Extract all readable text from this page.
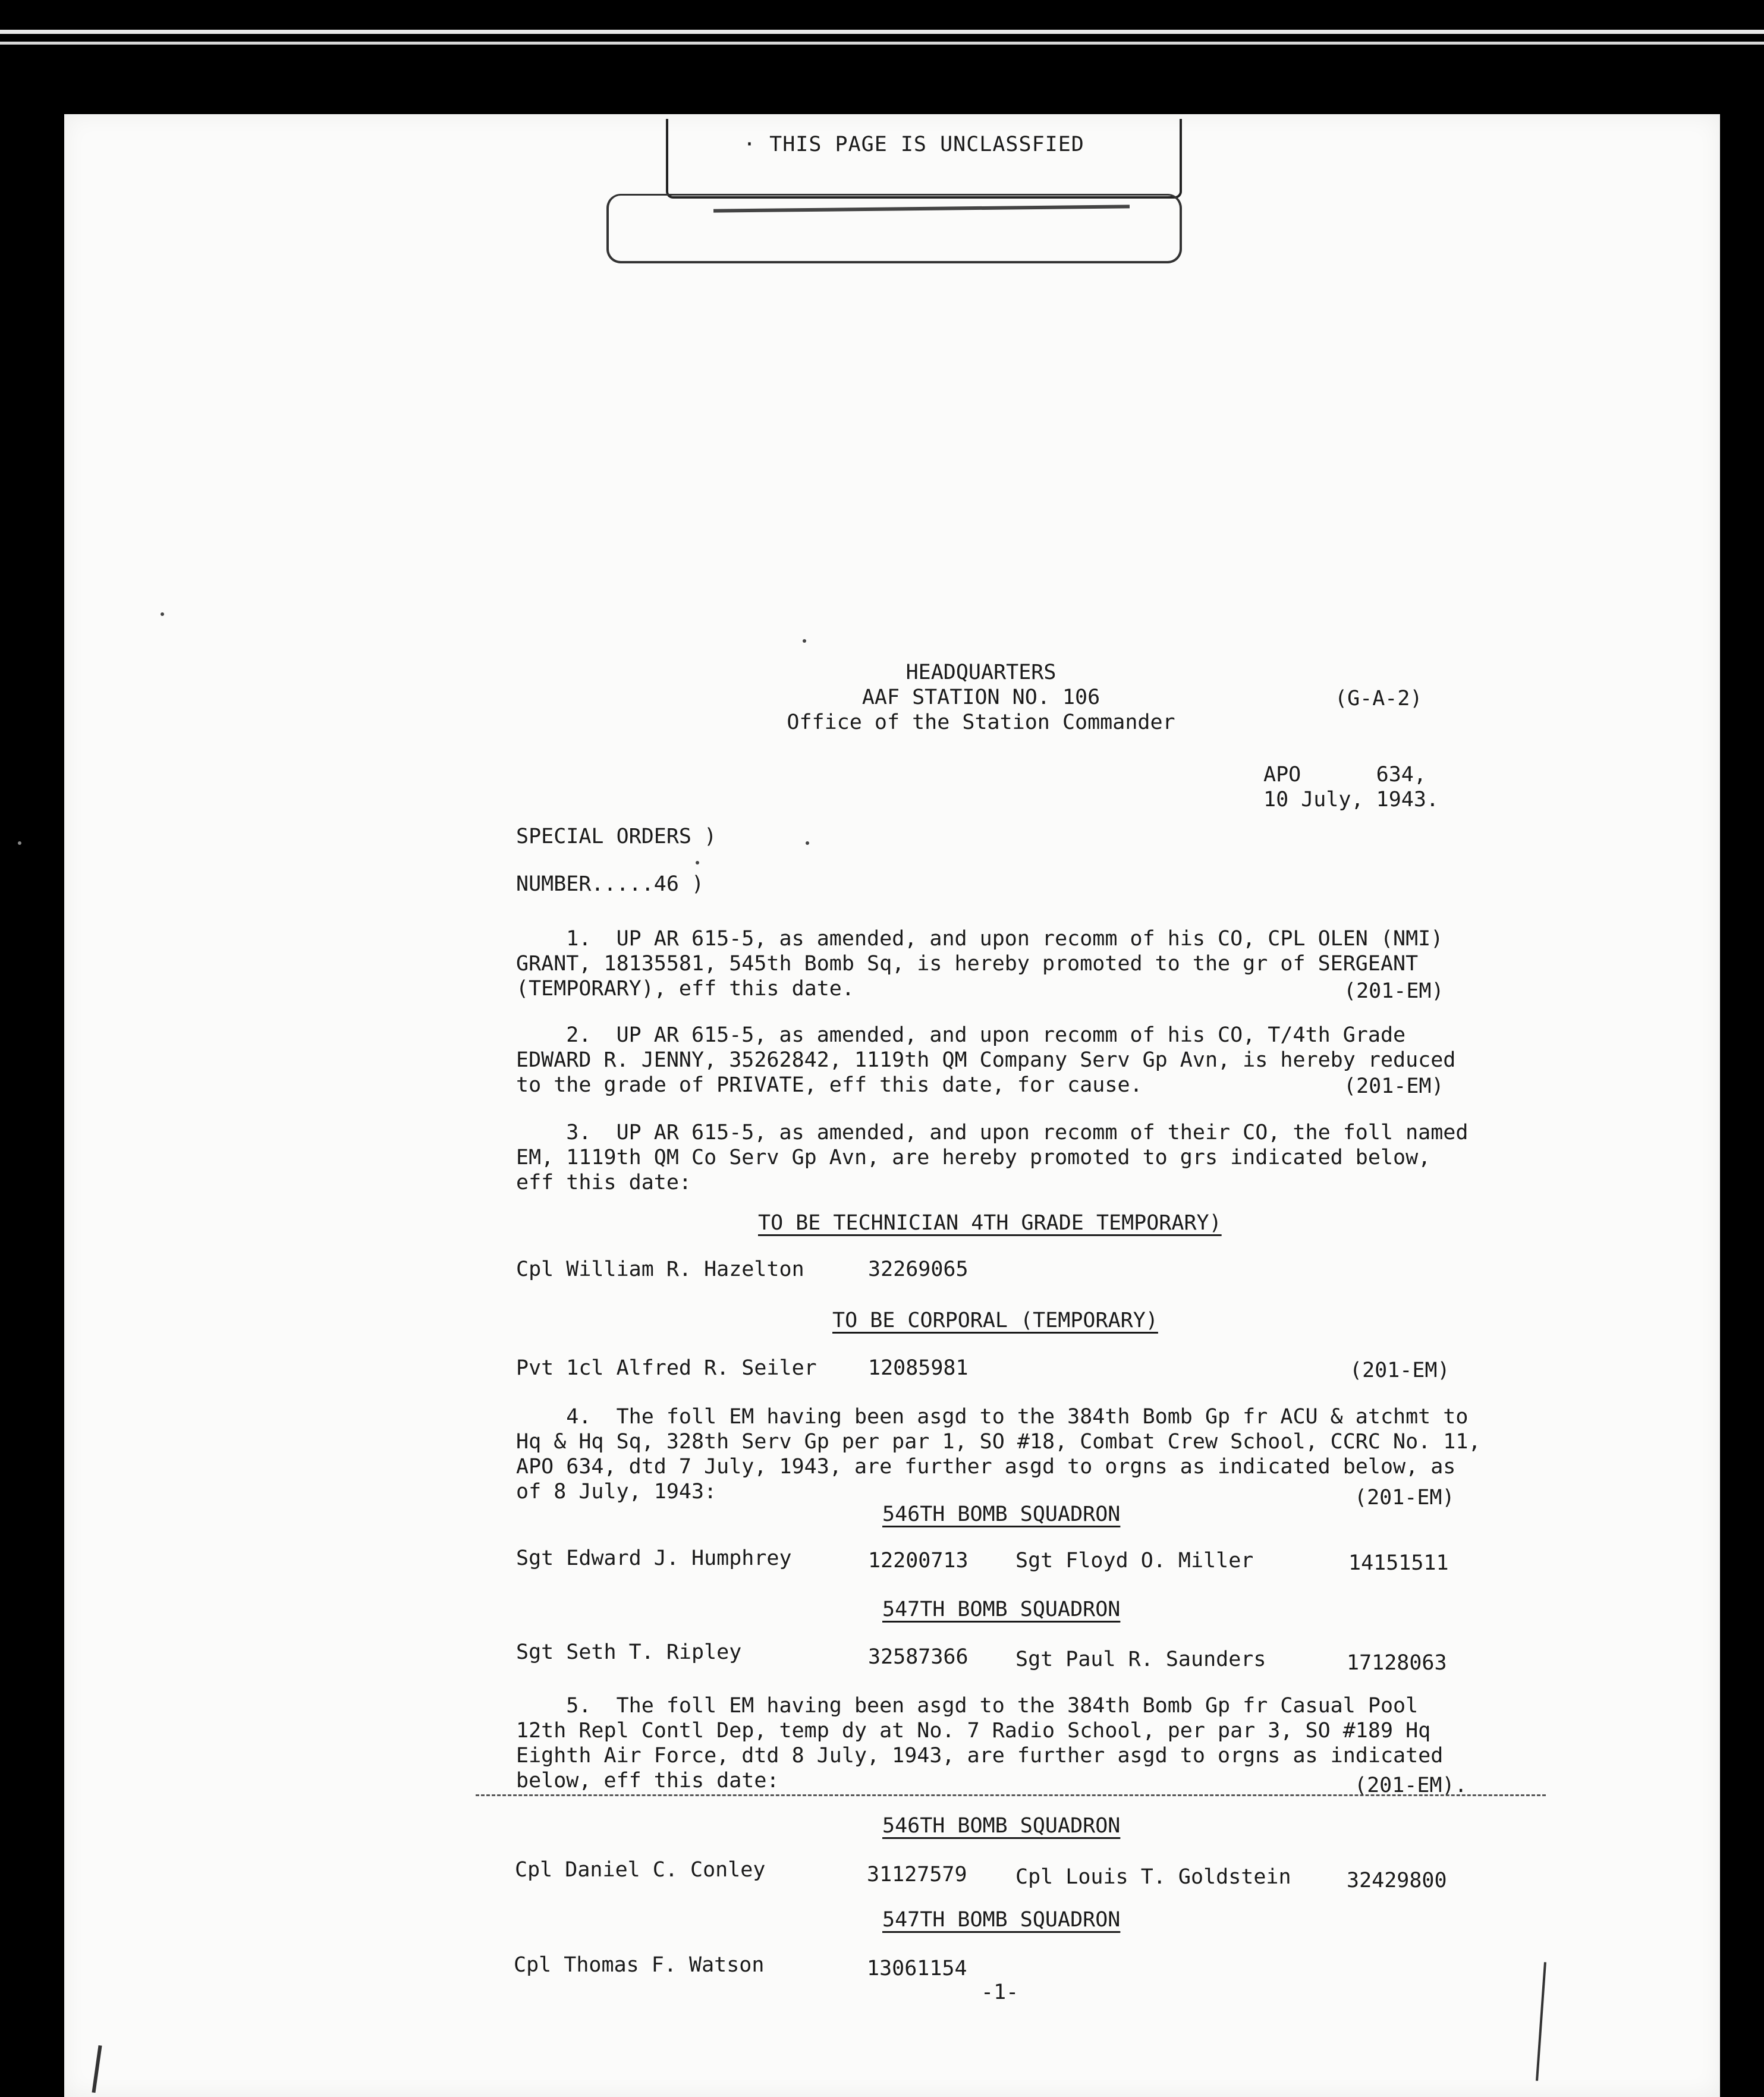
· THIS PAGE IS UNCLASSFIED
HEADQUARTERS
AAF STATION NO. 106
Office of the Station Commander
(G-A-2)
APO      634,
10 July, 1943.
SPECIAL ORDERS )
NUMBER.....46 )
1.  UP AR 615-5, as amended, and upon recomm of his CO, CPL OLEN (NMI)
GRANT, 18135581, 545th Bomb Sq, is hereby promoted to the gr of SERGEANT
(TEMPORARY), eff this date.	(201-EM)
2.  UP AR 615-5, as amended, and upon recomm of his CO, T/4th Grade
EDWARD R. JENNY, 35262842, 1119th QM Company Serv Gp Avn, is hereby reduced
to the grade of PRIVATE, eff this date, for cause.	(201-EM)
3.  UP AR 615-5, as amended, and upon recomm of their CO, the foll named
EM, 1119th QM Co Serv Gp Avn, are hereby promoted to grs indicated below,
eff this date:
TO BE TECHNICIAN 4TH GRADE TEMPORARY)
Cpl William R. Hazelton	32269065
TO BE CORPORAL (TEMPORARY)
Pvt 1cl Alfred R. Seiler 12085981	(201-EM)
4.  The foll EM having been asgd to the 384th Bomb Gp fr ACU & atchmt to
Hq & Hq Sq, 328th Serv Gp per par 1, SO #18, Combat Crew School, CCRC No. 11,
APO 634, dtd 7 July, 1943, are further asgd to orgns as indicated below, as
of 8 July, 1943:	(201-EM)
546TH BOMB SQUADRON
Sgt Edward J. Humphrey	12200713 Sgt Floyd O. Miller	14151511
547TH BOMB SQUADRON
Sgt Seth T. Ripley	32587366 Sgt Paul R. Saunders	17128063
5.  The foll EM having been asgd to the 384th Bomb Gp fr Casual Pool
12th Repl Contl Dep, temp dy at No. 7 Radio School, per par 3, SO #189 Hq
Eighth Air Force, dtd 8 July, 1943, are further asgd to orgns as indicated
below, eff this date:	(201-EM).
546TH BOMB SQUADRON
Cpl Daniel C. Conley	31127579 Cpl Louis T. Goldstein	32429800
547TH BOMB SQUADRON
Cpl Thomas F. Watson	13061154
-1-
